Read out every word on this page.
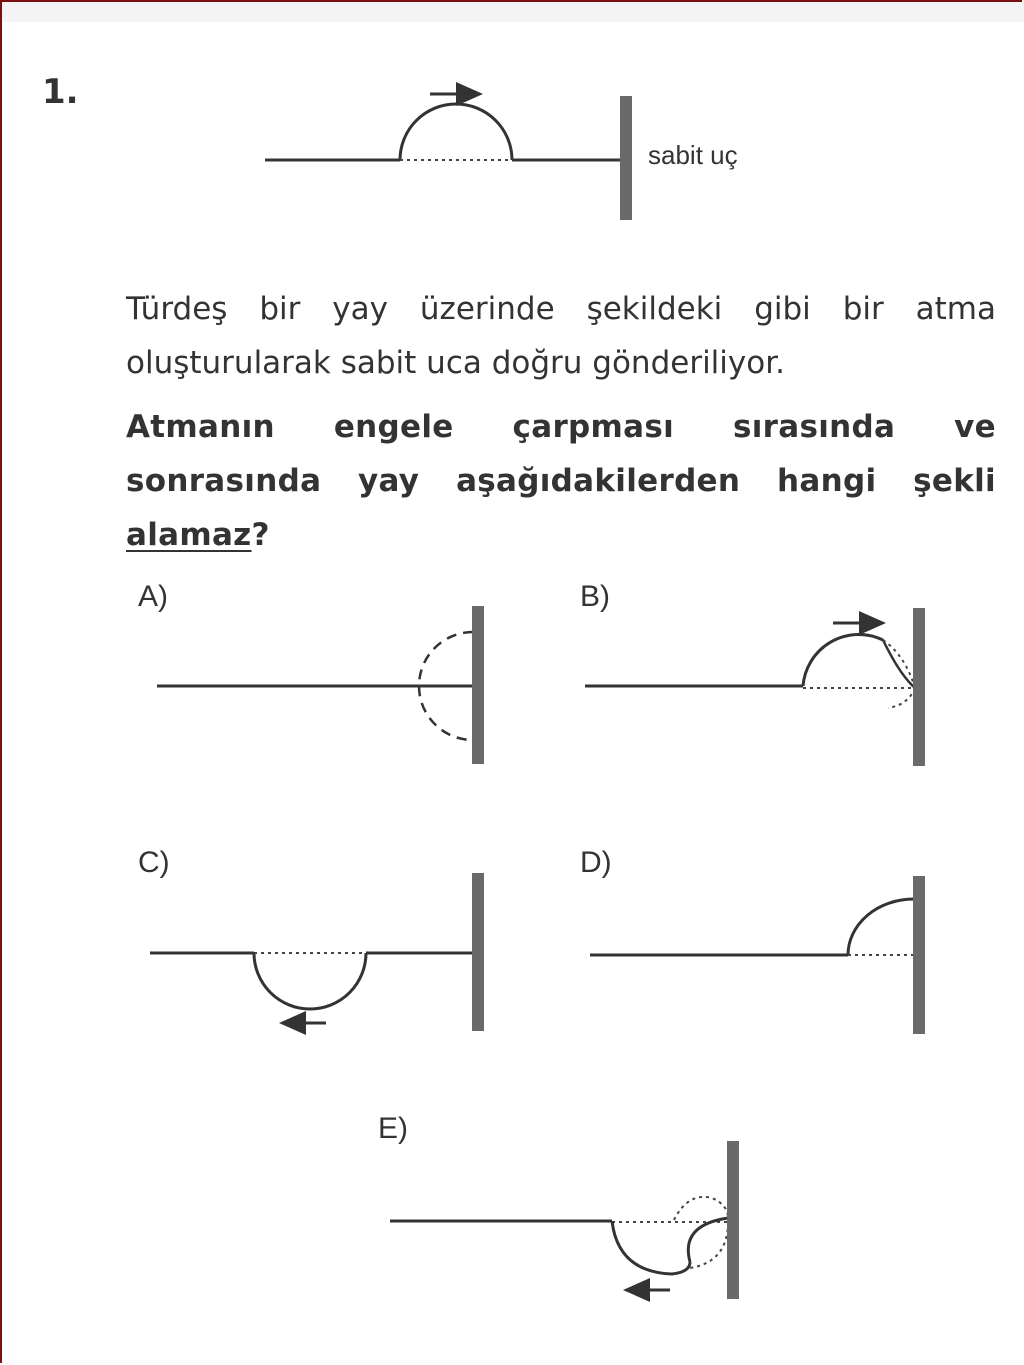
1.
sabit uç
Türdeş bir yay üzerinde şekildeki gibi bir atma oluşturularak sabit uca doğru gönderiliyor.
Atmanın engele çarpması sırasında ve sonrasında yay aşağıdakilerden hangi şekli alamaz?
A)	B)
C)	D)
E)
